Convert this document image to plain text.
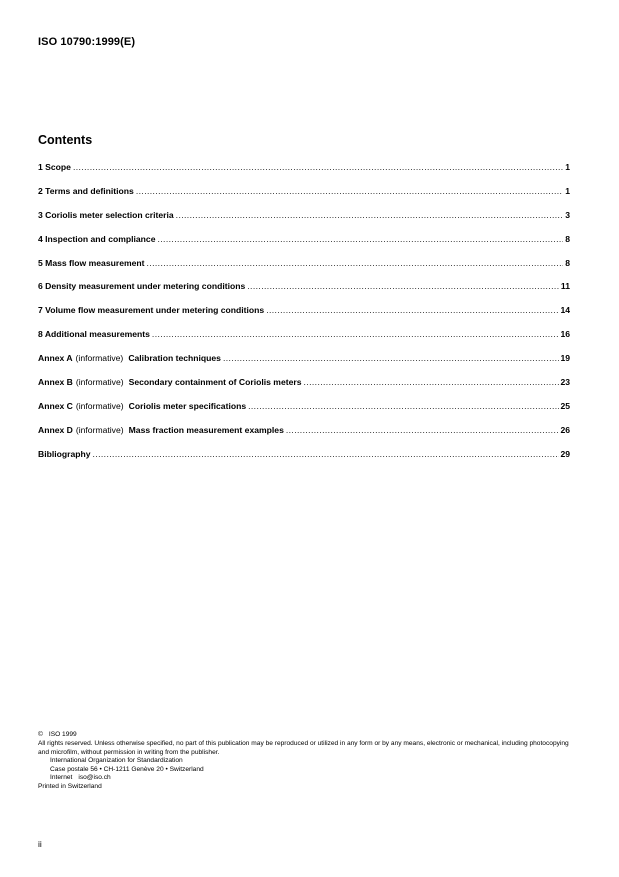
ISO 10790:1999(E)
Contents
1 Scope .....	1
2 Terms and definitions .....	1
3 Coriolis meter selection criteria .....	3
4 Inspection and compliance .....	8
5 Mass flow measurement .....	8
6 Density measurement under metering conditions .....	11
7 Volume flow measurement under metering conditions .....	14
8 Additional measurements .....	16
Annex A (informative) Calibration techniques .....	19
Annex B (informative) Secondary containment of Coriolis meters .....	23
Annex C (informative) Coriolis meter specifications .....	25
Annex D (informative) Mass fraction measurement examples .....	26
Bibliography .....	29
© ISO 1999
All rights reserved. Unless otherwise specified, no part of this publication may be reproduced or utilized in any form or by any means, electronic or mechanical, including photocopying and microfilm, without permission in writing from the publisher.
International Organization for Standardization
Case postale 56 • CH-1211 Genève 20 • Switzerland
Internet iso@iso.ch
Printed in Switzerland
ii
